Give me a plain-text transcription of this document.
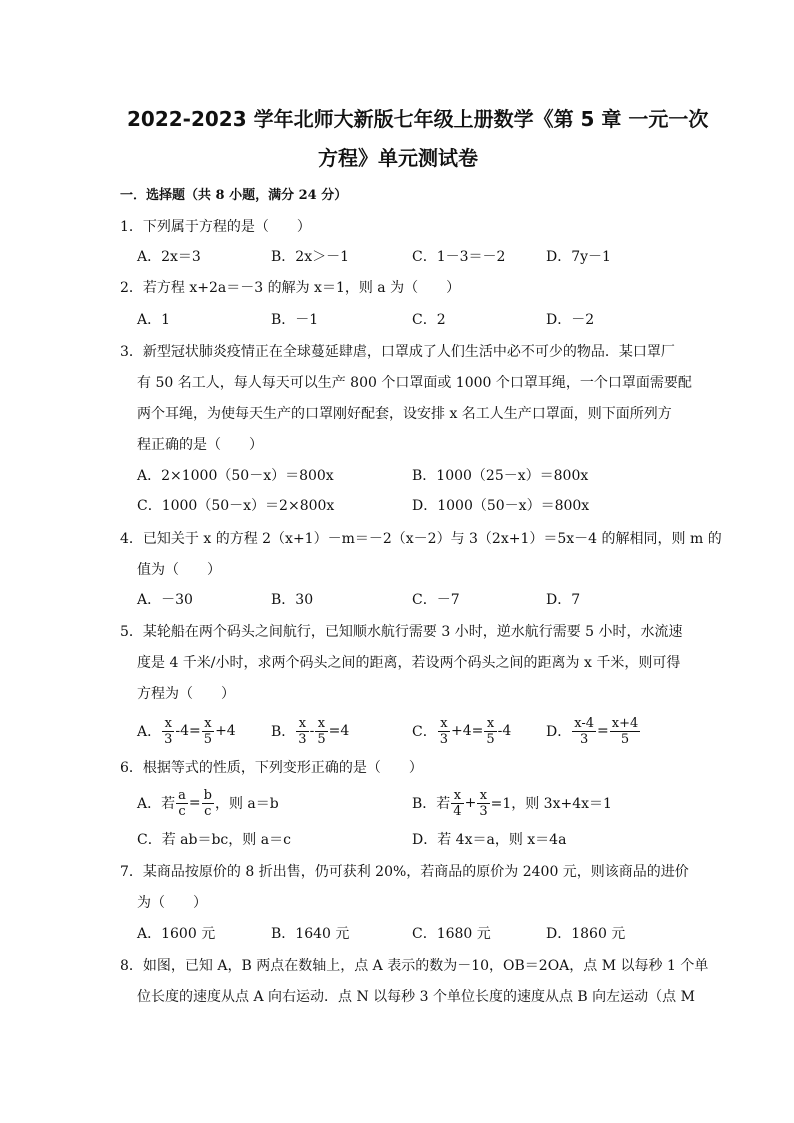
2022-2023 学年北师大新版七年级上册数学《第 5 章 一元一次
方程》单元测试卷
一．选择题（共 8 小题，满分 24 分）
1．下列属于方程的是（　　）
A．2x＝3	B．2x＞－1	C．1－3＝－2	D．7y－1
2．若方程 x+2a＝－3 的解为 x＝1，则 a 为（　　）
A．1	B．－1	C．2	D．－2
3．新型冠状肺炎疫情正在全球蔓延肆虐，口罩成了人们生活中必不可少的物品．某口罩厂
有 50 名工人，每人每天可以生产 800 个口罩面或 1000 个口罩耳绳，一个口罩面需要配
两个耳绳，为使每天生产的口罩刚好配套，设安排 x 名工人生产口罩面，则下面所列方
程正确的是（　　）
A．2×1000（50－x）＝800x	B．1000（25－x）＝800x
C．1000（50－x）＝2×800x	D．1000（50－x）＝800x
4．已知关于 x 的方程 2（x+1）－m＝－2（x－2）与 3（2x+1）＝5x－4 的解相同，则 m 的
值为（　　）
A．－30	B．30	C．－7	D．7
5．某轮船在两个码头之间航行，已知顺水航行需要 3 小时，逆水航行需要 5 小时，水流速
度是 4 千米/小时，求两个码头之间的距离，若设两个码头之间的距离为 x 千米，则可得
方程为（　　）
A．
x
3 $-4= \frac{x}{5} +4$	B．
x
$3 - \frac{x}{5} =4$	C．
x
$3 +4= \frac{x}{5} -4$ D． $\frac{x-4}{3} = \frac{x+4}{5}$
6．根据等式的性质，下列变形正确的是（　　）
A．若 $\frac{a}{c} = \frac{b}{c}$ ，则 a＝b	B．若
x
$4 + \frac{x}{3} =1$，则 3x+4x＝1
C．若 ab＝bc，则 a＝c	D．若 4x＝a，则 x＝4a
7．某商品按原价的 8 折出售，仍可获利 20%，若商品的原价为 2400 元，则该商品的进价
为（　　）
A．1600 元	B．1640 元	C．1680 元	D．1860 元
8．如图，已知 A，B 两点在数轴上，点 A 表示的数为－10，OB＝2OA，点 M 以每秒 1 个单
位长度的速度从点 A 向右运动．点 N 以每秒 3 个单位长度的速度从点 B 向左运动（点 M
